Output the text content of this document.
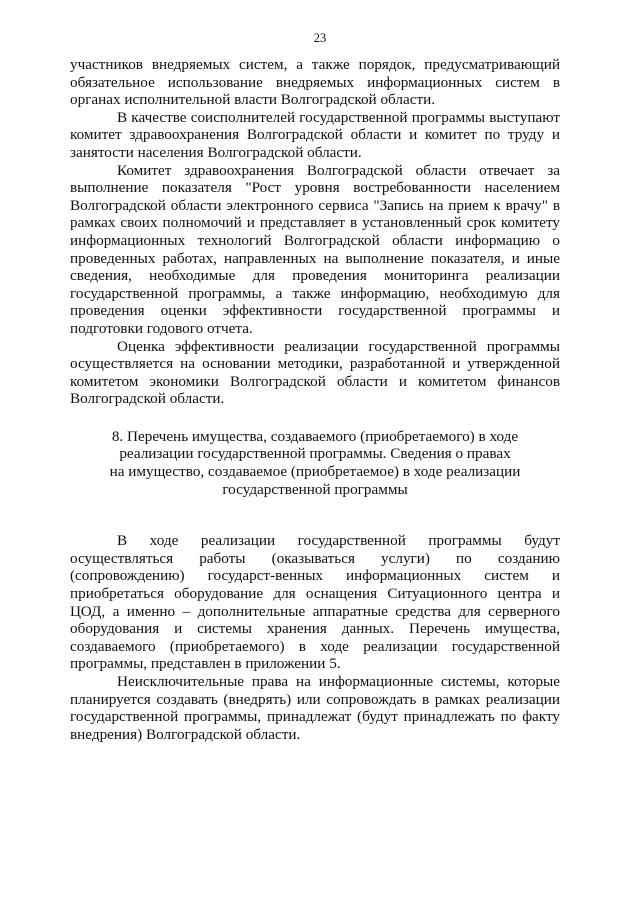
23

участников внедряемых систем, а также порядок, предусматривающий обязательное использование внедряемых информационных систем в органах исполнительной власти Волгоградской области.

В качестве соисполнителей государственной программы выступают комитет здравоохранения Волгоградской области и комитет по труду и занятости населения Волгоградской области.

Комитет здравоохранения Волгоградской области отвечает за выполнение показателя "Рост уровня востребованности населением Волгоградской области электронного сервиса "Запись на прием к врачу" в рамках своих полномочий и представляет в установленный срок комитету информационных технологий Волгоградской области информацию о проведенных работах, направленных на выполнение показателя, и иные сведения, необходимые для проведения мониторинга реализации государственной программы, а также информацию, необходимую для проведения оценки эффективности государственной программы и подготовки годового отчета.

Оценка эффективности реализации государственной программы осуществляется на основании методики, разработанной и утвержденной комитетом экономики Волгоградской области и комитетом финансов Волгоградской области.

8. Перечень имущества, создаваемого (приобретаемого) в ходе
реализации государственной программы. Сведения о правах
на имущество, создаваемое (приобретаемое) в ходе реализации
государственной программы

В ходе реализации государственной программы будут осуществляться работы (оказываться услуги) по созданию (сопровождению) государст-венных информационных систем и приобретаться оборудование для оснащения Ситуационного центра и ЦОД, а именно – дополнительные аппаратные средства для серверного оборудования и системы хранения данных. Перечень имущества, создаваемого (приобретаемого) в ходе реализации государственной программы, представлен в приложении 5.

Неисключительные права на информационные системы, которые планируется создавать (внедрять) или сопровождать в рамках реализации государственной программы, принадлежат (будут принадлежать по факту внедрения) Волгоградской области.
